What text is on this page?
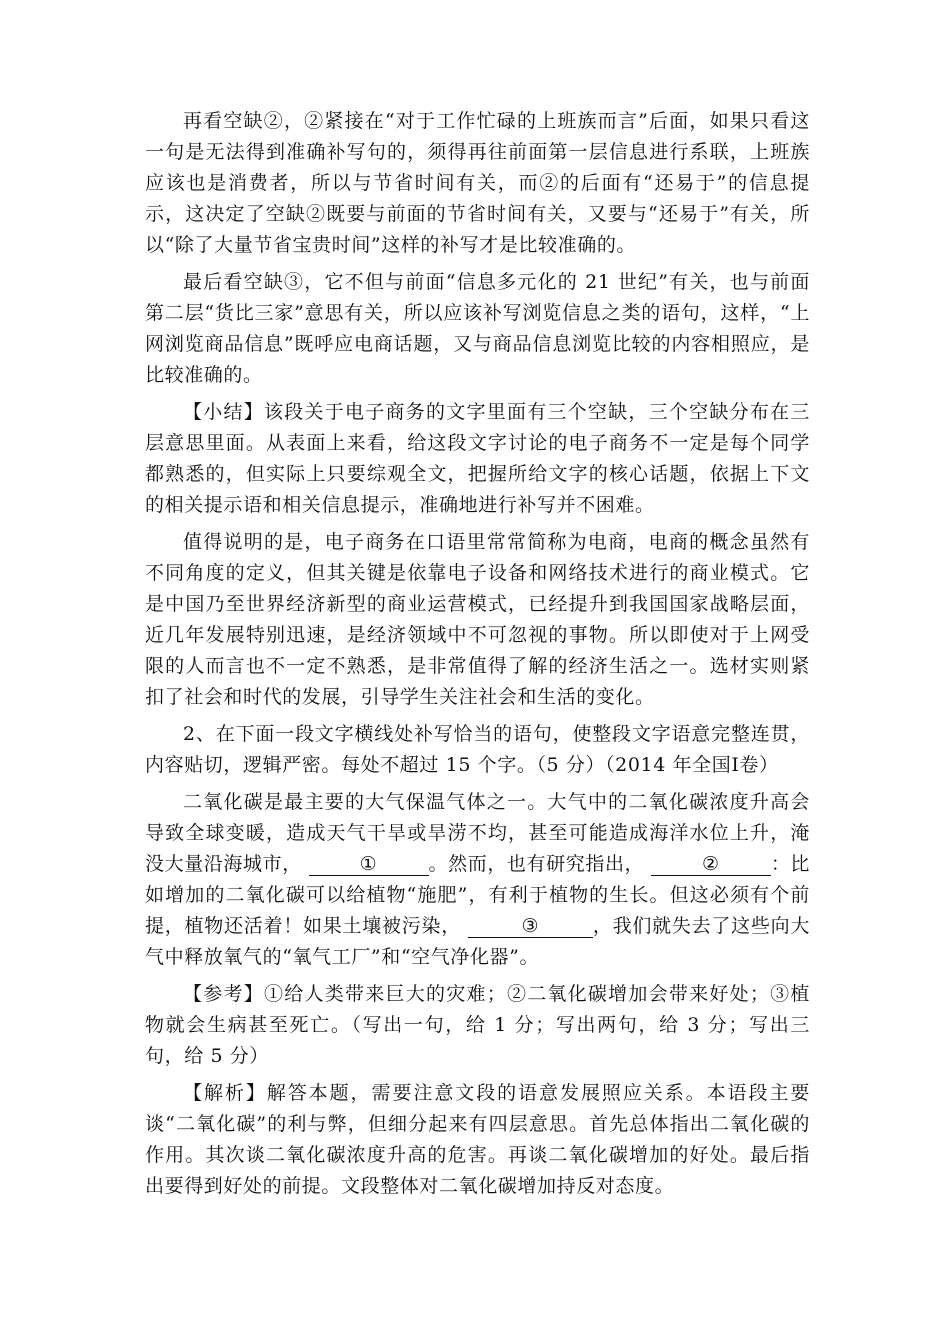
再看空缺②，②紧接在“对于工作忙碌的上班族而言”后面，如果只看这一句是无法得到准确补写句的，须得再往前面第一层信息进行系联，上班族应该也是消费者，所以与节省时间有关，而②的后面有“还易于”的信息提示，这决定了空缺②既要与前面的节省时间有关，又要与“还易于”有关，所以“除了大量节省宝贵时间”这样的补写才是比较准确的。

最后看空缺③，它不但与前面“信息多元化的 21 世纪”有关，也与前面第二层“货比三家”意思有关，所以应该补写浏览信息之类的语句，这样，“上网浏览商品信息”既呼应电商话题，又与商品信息浏览比较的内容相照应，是比较准确的。

【小结】该段关于电子商务的文字里面有三个空缺，三个空缺分布在三层意思里面。从表面上来看，给这段文字讨论的电子商务不一定是每个同学都熟悉的，但实际上只要综观全文，把握所给文字的核心话题，依据上下文的相关提示语和相关信息提示，准确地进行补写并不困难。

值得说明的是，电子商务在口语里常常简称为电商，电商的概念虽然有不同角度的定义，但其关键是依靠电子设备和网络技术进行的商业模式。它是中国乃至世界经济新型的商业运营模式，已经提升到我国国家战略层面，近几年发展特别迅速，是经济领域中不可忽视的事物。所以即使对于上网受限的人而言也不一定不熟悉，是非常值得了解的经济生活之一。选材实则紧扣了社会和时代的发展，引导学生关注社会和生活的变化。

2、在下面一段文字横线处补写恰当的语句，使整段文字语意完整连贯，内容贴切，逻辑严密。每处不超过 15 个字。（5 分）（2014 年全国Ⅰ卷）

二氧化碳是最主要的大气保温气体之一。大气中的二氧化碳浓度升高会导致全球变暖，造成天气干旱或旱涝不均，甚至可能造成海洋水位上升，淹没大量沿海城市，	①	。然而，也有研究指出，	②	：比如增加的二氧化碳可以给植物“施肥”，有利于植物的生长。但这必须有个前提，植物还活着！如果土壤被污染，	③	，我们就失去了这些向大气中释放氧气的“氧气工厂”和“空气净化器”。

【参考】①给人类带来巨大的灾难；②二氧化碳增加会带来好处；③植物就会生病甚至死亡。（写出一句，给 1 分；写出两句，给 3 分；写出三句，给 5 分）

【解析】解答本题，需要注意文段的语意发展照应关系。本语段主要谈“二氧化碳”的利与弊，但细分起来有四层意思。首先总体指出二氧化碳的作用。其次谈二氧化碳浓度升高的危害。再谈二氧化碳增加的好处。最后指出要得到好处的前提。文段整体对二氧化碳增加持反对态度。
